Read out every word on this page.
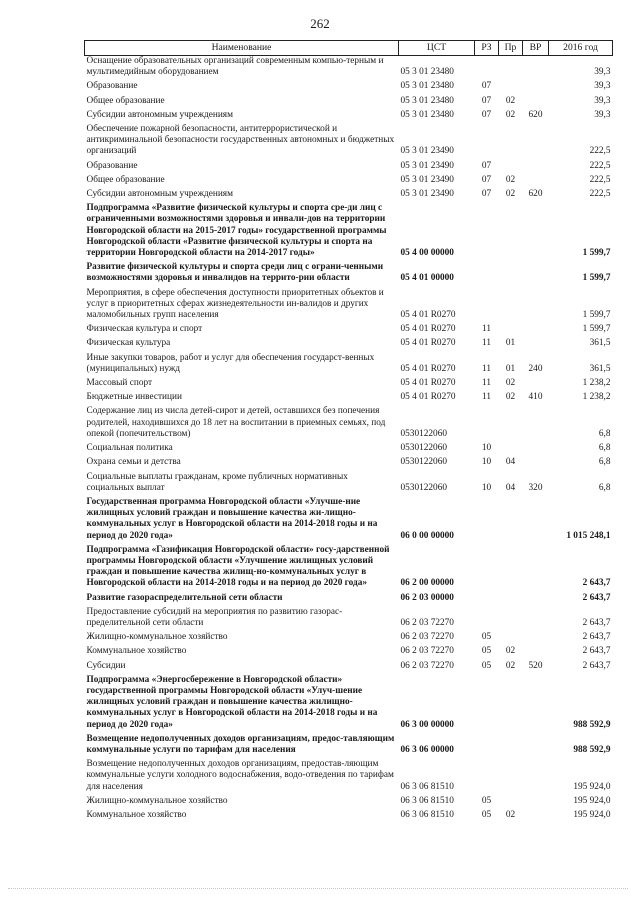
262
Наименование	ЦСТ	РЗ	Пр	ВР	2016 год
Оснащение образовательных организаций современным компью-терным и мультимедийным оборудованием	05 3 01 23480				39,3
Образование	05 3 01 23480	07			39,3
Общее образование	05 3 01 23480	07	02		39,3
Субсидии автономным учреждениям	05 3 01 23480	07	02	620	39,3
Обеспечение пожарной безопасности, антитеррористической и антикриминальной безопасности государственных автономных и бюджетных организаций	05 3 01 23490				222,5
Образование	05 3 01 23490	07			222,5
Общее образование	05 3 01 23490	07	02		222,5
Субсидии автономным учреждениям	05 3 01 23490	07	02	620	222,5
Подпрограмма «Развитие физической культуры и спорта сре-ди лиц с ограниченными возможностями здоровья и инвали-дов на территории Новгородской области на 2015-2017 годы» государственной программы Новгородской области «Развитие физической культуры и спорта на территории Новгородской области на 2014-2017 годы»	05 4 00 00000				1 599,7
Развитие физической культуры и спорта среди лиц с ограни-ченными возможностями здоровья и инвалидов на террито-рии области	05 4 01 00000				1 599,7
Мероприятия, в сфере обеспечения доступности приоритетных объектов и услуг в приоритетных сферах жизнедеятельности ин-валидов и других маломобильных групп населения	05 4 01 R0270				1 599,7
Физическая культура и спорт	05 4 01 R0270	11			1 599,7
Физическая культура	05 4 01 R0270	11	01		361,5
Иные закупки товаров, работ и услуг для обеспечения государст-венных (муниципальных) нужд	05 4 01 R0270	11	01	240	361,5
Массовый спорт	05 4 01 R0270	11	02		1 238,2
Бюджетные инвестиции	05 4 01 R0270	11	02	410	1 238,2
Содержание лиц из числа детей-сирот и детей, оставшихся без попечения родителей, находившихся до 18 лет на воспитании в приемных семьях, под опекой (попечительством)	0530122060				6,8
Социальная политика	0530122060	10			6,8
Охрана семьи и детства	0530122060	10	04		6,8
Социальные выплаты гражданам, кроме публичных нормативных социальных выплат	0530122060	10	04	320	6,8
Государственная программа Новгородской области «Улучше-ние жилищных условий граждан и повышение качества жи-лищно-коммунальных услуг в Новгородской области на 2014-2018 годы и на период до 2020 года»	06 0 00 00000				1 015 248,1
Подпрограмма «Газификация Новгородской области» госу-дарственной программы Новгородской области «Улучшение жилищных условий граждан и повышение качества жилищ-но-коммунальных услуг в Новгородской области на 2014-2018 годы и на период до 2020 года»	06 2 00 00000				2 643,7
Развитие газораспределительной сети области	06 2 03 00000				2 643,7
Предоставление субсидий на мероприятия по развитию газорас-пределительной сети области	06 2 03 72270				2 643,7
Жилищно-коммунальное хозяйство	06 2 03 72270	05			2 643,7
Коммунальное хозяйство	06 2 03 72270	05	02		2 643,7
Субсидии	06 2 03 72270	05	02	520	2 643,7
Подпрограмма «Энергосбережение в Новгородской области» государственной программы Новгородской области «Улуч-шение жилищных условий граждан и повышение качества жилищно-коммунальных услуг в Новгородской области на 2014-2018 годы и на период до 2020 года»	06 3 00 00000				988 592,9
Возмещение недополученных доходов организациям, предос-тавляющим коммунальные услуги по тарифам для населения	06 3 06 00000				988 592,9
Возмещение недополученных доходов организациям, предостав-ляющим коммунальные услуги холодного водоснабжения, водо-отведения по тарифам для населения	06 3 06 81510				195 924,0
Жилищно-коммунальное хозяйство	06 3 06 81510	05			195 924,0
Коммунальное хозяйство	06 3 06 81510	05	02		195 924,0
